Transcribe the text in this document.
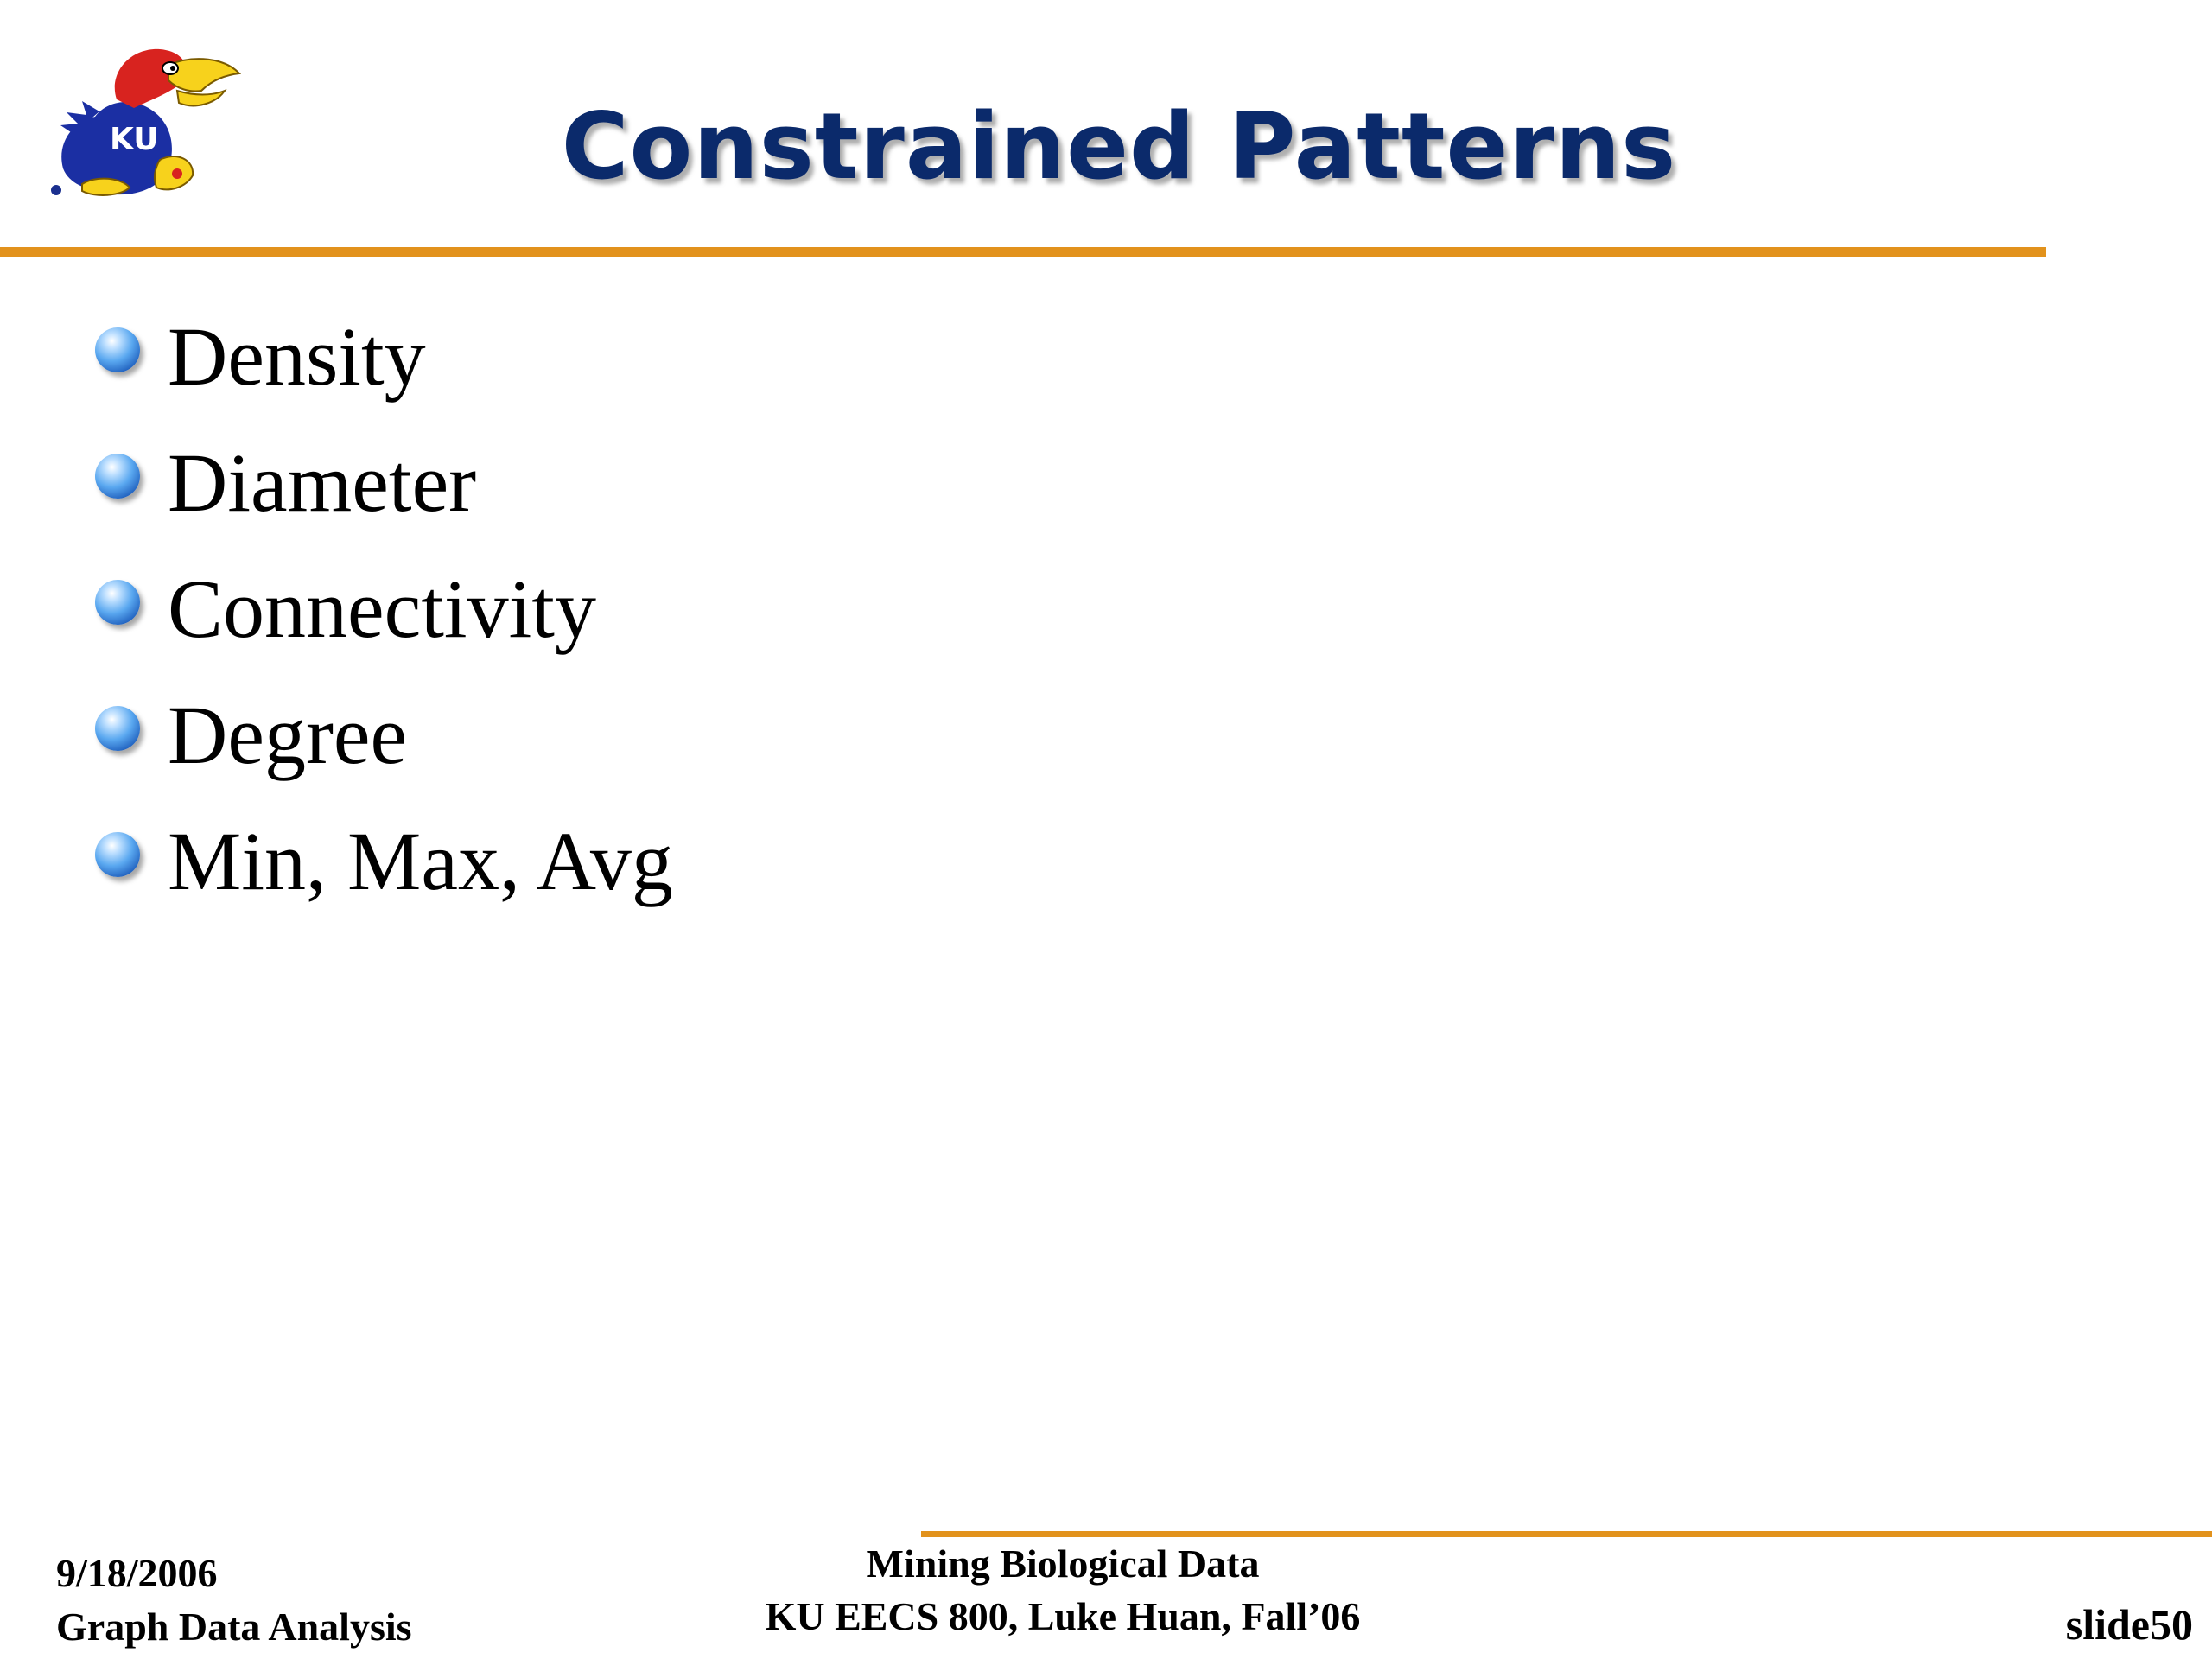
KU	Constrained Patterns
Density
Diameter
Connectivity
Degree
Min, Max, Avg
9/18/2006
Graph Data Analysis
Mining Biological Data
KU EECS 800, Luke Huan, Fall’06	slide50
